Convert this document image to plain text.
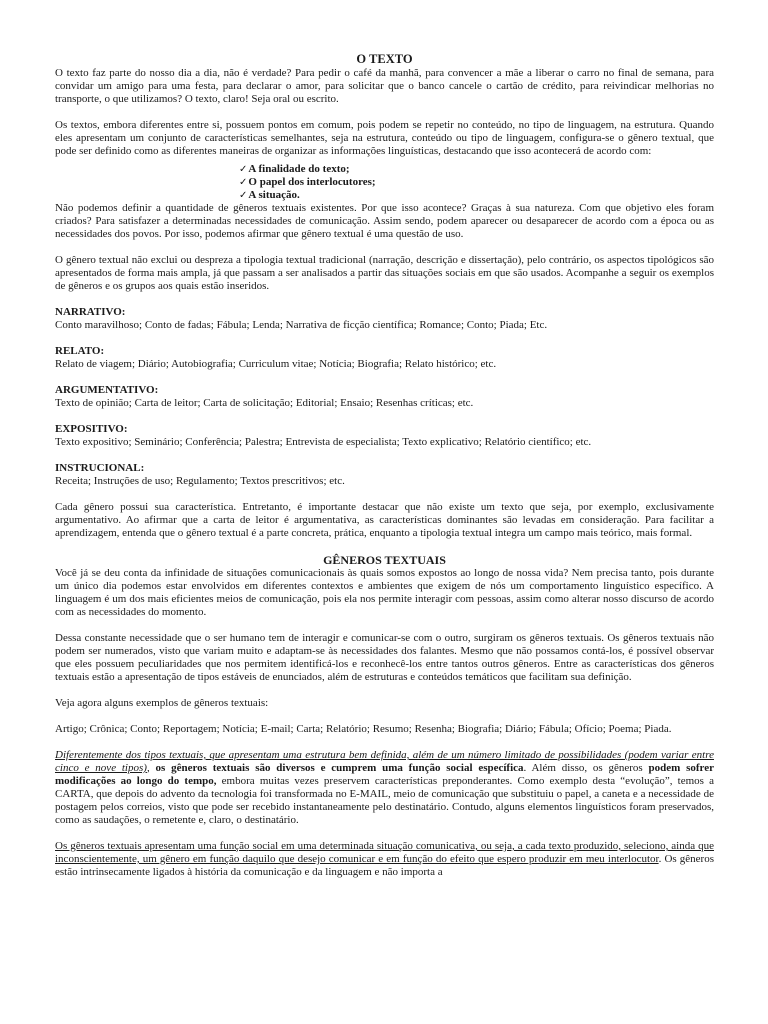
O TEXTO

O texto faz parte do nosso dia a dia, não é verdade? Para pedir o café da manhã, para convencer a mãe a liberar o carro no final de semana, para convidar um amigo para uma festa, para declarar o amor, para solicitar que o banco cancele o cartão de crédito, para reivindicar melhorias no transporte, o que utilizamos? O texto, claro! Seja oral ou escrito.

Os textos, embora diferentes entre si, possuem pontos em comum, pois podem se repetir no conteúdo, no tipo de linguagem, na estrutura. Quando eles apresentam um conjunto de características semelhantes, seja na estrutura, conteúdo ou tipo de linguagem, configura-se o gênero textual, que pode ser definido como as diferentes maneiras de organizar as informações linguísticas, destacando que isso acontecerá de acordo com:

✓A finalidade do texto;
✓O papel dos interlocutores;
✓A situação.

Não podemos definir a quantidade de gêneros textuais existentes. Por que isso acontece? Graças à sua natureza. Com que objetivo eles foram criados? Para satisfazer a determinadas necessidades de comunicação. Assim sendo, podem aparecer ou desaparecer de acordo com a época ou as necessidades dos povos. Por isso, podemos afirmar que gênero textual é uma questão de uso.

O gênero textual não exclui ou despreza a tipologia textual tradicional (narração, descrição e dissertação), pelo contrário, os aspectos tipológicos são apresentados de forma mais ampla, já que passam a ser analisados a partir das situações sociais em que são usados. Acompanhe a seguir os exemplos de gêneros e os grupos aos quais estão inseridos.

NARRATIVO:

Conto maravilhoso; Conto de fadas; Fábula; Lenda; Narrativa de ficção científica; Romance; Conto; Piada; Etc.

RELATO:

Relato de viagem; Diário; Autobiografia; Curriculum vitae; Notícia; Biografia; Relato histórico; etc.

ARGUMENTATIVO:

Texto de opinião; Carta de leitor; Carta de solicitação; Editorial; Ensaio; Resenhas críticas; etc.

EXPOSITIVO:

Texto expositivo; Seminário; Conferência; Palestra; Entrevista de especialista; Texto explicativo; Relatório científico; etc.

INSTRUCIONAL:

Receita; Instruções de uso; Regulamento; Textos prescritivos; etc.

Cada gênero possui sua característica. Entretanto, é importante destacar que não existe um texto que seja, por exemplo, exclusivamente argumentativo. Ao afirmar que a carta de leitor é argumentativa, as características dominantes são levadas em consideração. Para facilitar a aprendizagem, entenda que o gênero textual é a parte concreta, prática, enquanto a tipologia textual integra um campo mais teórico, mais formal.

GÊNEROS TEXTUAIS

Você já se deu conta da infinidade de situações comunicacionais às quais somos expostos ao longo de nossa vida? Nem precisa tanto, pois durante um único dia podemos estar envolvidos em diferentes contextos e ambientes que exigem de nós um comportamento linguístico específico. A linguagem é um dos mais eficientes meios de comunicação, pois ela nos permite interagir com pessoas, assim como alterar nosso discurso de acordo com as necessidades do momento.

Dessa constante necessidade que o ser humano tem de interagir e comunicar-se com o outro, surgiram os gêneros textuais. Os gêneros textuais não podem ser numerados, visto que variam muito e adaptam-se às necessidades dos falantes. Mesmo que não possamos contá-los, é possível observar que eles possuem peculiaridades que nos permitem identificá-los e reconhecê-los entre tantos outros gêneros. Entre as características dos gêneros textuais estão a apresentação de tipos estáveis de enunciados, além de estruturas e conteúdos temáticos que facilitam sua definição.

Veja agora alguns exemplos de gêneros textuais:

Artigo; Crônica; Conto; Reportagem; Notícia; E-mail; Carta; Relatório; Resumo; Resenha; Biografia; Diário; Fábula; Ofício; Poema; Piada.

Diferentemente dos tipos textuais, que apresentam uma estrutura bem definida, além de um número limitado de possibilidades (podem variar entre cinco e nove tipos), os gêneros textuais são diversos e cumprem uma função social específica. Além disso, os gêneros podem sofrer modificações ao longo do tempo, embora muitas vezes preservem características preponderantes. Como exemplo desta “evolução”, temos a CARTA, que depois do advento da tecnologia foi transformada no E-MAIL, meio de comunicação que substituiu o papel, a caneta e a necessidade de postagem pelos correios, visto que pode ser recebido instantaneamente pelo destinatário. Contudo, alguns elementos linguísticos foram preservados, como as saudações, o remetente e, claro, o destinatário.

Os gêneros textuais apresentam uma função social em uma determinada situação comunicativa, ou seja, a cada texto produzido, seleciono, ainda que inconscientemente, um gênero em função daquilo que desejo comunicar e em função do efeito que espero produzir em meu interlocutor. Os gêneros estão intrinsecamente ligados à história da comunicação e da linguagem e não importa a
